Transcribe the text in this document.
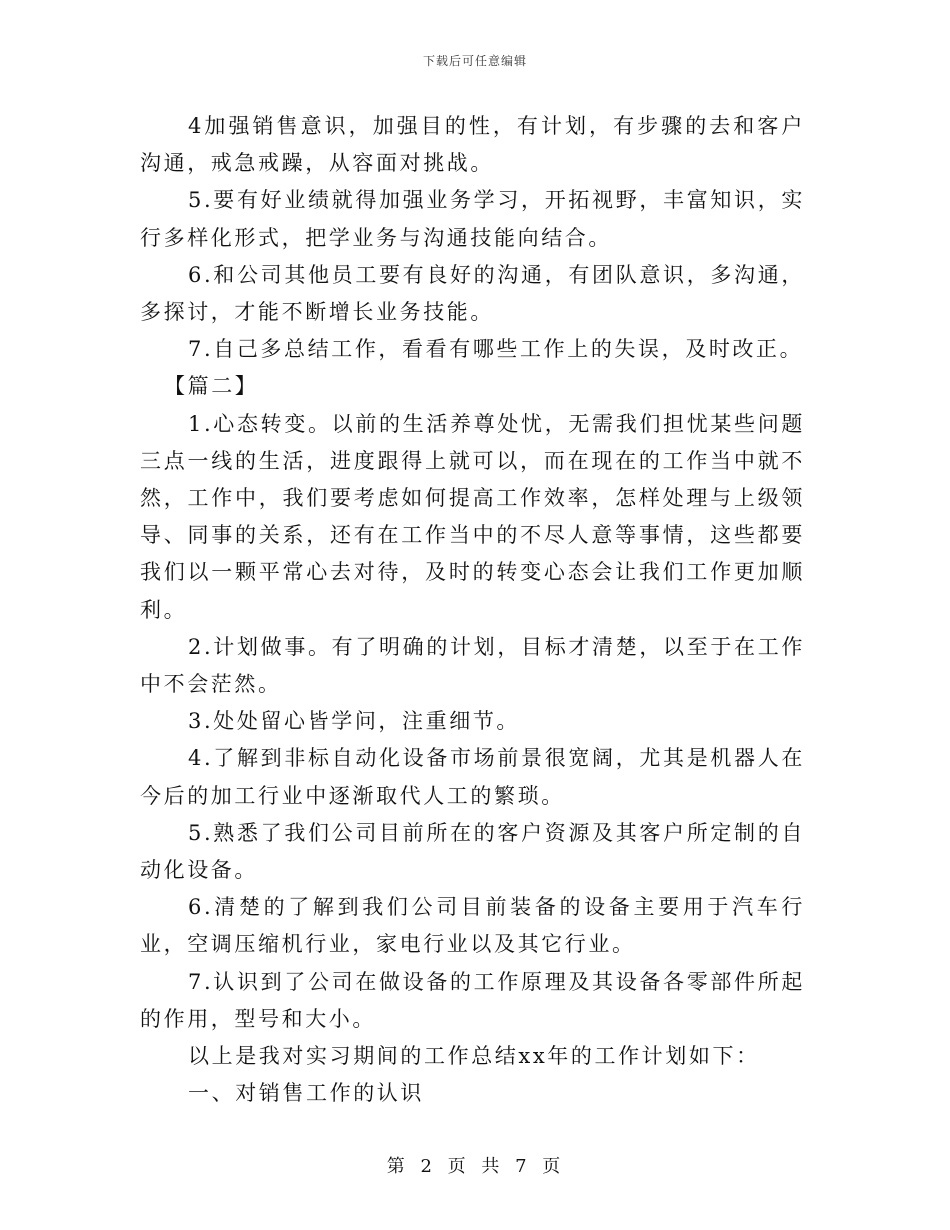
下载后可任意编辑

4加强销售意识，加强目的性，有计划，有步骤的去和客户沟通，戒急戒躁，从容面对挑战。

5.要有好业绩就得加强业务学习，开拓视野，丰富知识，实行多样化形式，把学业务与沟通技能向结合。

6.和公司其他员工要有良好的沟通，有团队意识，多沟通，多探讨，才能不断增长业务技能。

7.自己多总结工作，看看有哪些工作上的失误，及时改正。

【篇二】

1.心态转变。以前的生活养尊处忧，无需我们担忧某些问题三点一线的生活，进度跟得上就可以，而在现在的工作当中就不然，工作中，我们要考虑如何提高工作效率，怎样处理与上级领导、同事的关系，还有在工作当中的不尽人意等事情，这些都要我们以一颗平常心去对待，及时的转变心态会让我们工作更加顺利。

2.计划做事。有了明确的计划，目标才清楚，以至于在工作中不会茫然。

3.处处留心皆学问，注重细节。

4.了解到非标自动化设备市场前景很宽阔，尤其是机器人在今后的加工行业中逐渐取代人工的繁琐。

5.熟悉了我们公司目前所在的客户资源及其客户所定制的自动化设备。

6.清楚的了解到我们公司目前装备的设备主要用于汽车行业，空调压缩机行业，家电行业以及其它行业。

7.认识到了公司在做设备的工作原理及其设备各零部件所起的作用，型号和大小。

以上是我对实习期间的工作总结xx年的工作计划如下：

一、对销售工作的认识

第 2 页 共 7 页
